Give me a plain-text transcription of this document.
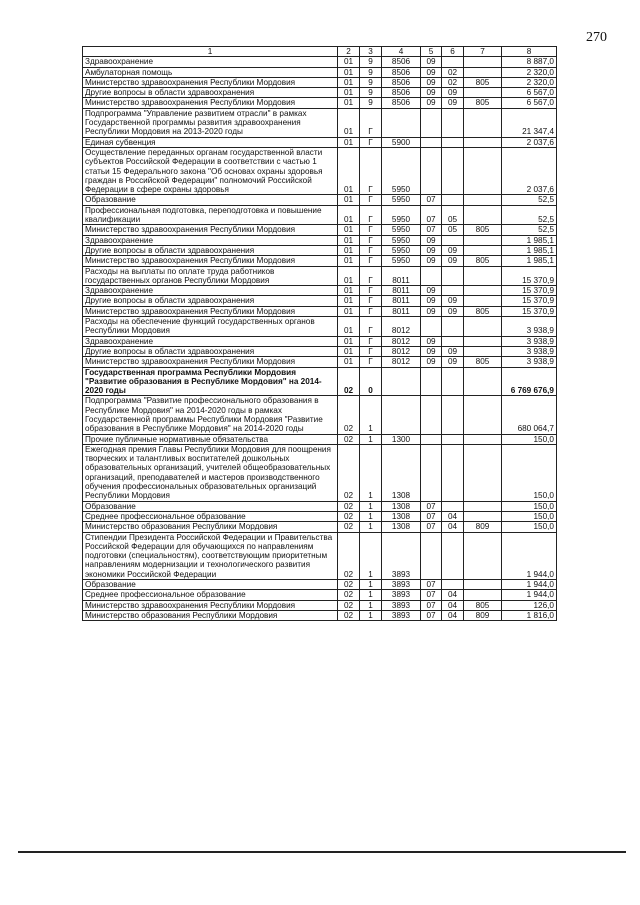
270
1	2	3	4	5	6	7	8
Здравоохранение	01	9	8506	09			8 887,0
Амбулаторная помощь	01	9	8506	09	02		2 320,0
Министерство здравоохранения Республики Мордовия	01	9	8506	09	02	805	2 320,0
Другие вопросы в области здравоохранения	01	9	8506	09	09		6 567,0
Министерство здравоохранения Республики Мордовия	01	9	8506	09	09	805	6 567,0
Подпрограмма "Управление развитием отрасли" в рамках Государственной программы развития здравоохранения Республики Мордовия на 2013-2020 годы	01	Г					21 347,4
Единая субвенция	01	Г	5900				2 037,6
Осуществление переданных органам государственной власти субъектов Российской Федерации в соответствии с частью 1 статьи 15 Федерального закона "Об основах охраны здоровья граждан в Российской Федерации" полномочий Российской Федерации в сфере охраны здоровья	01	Г	5950				2 037,6
Образование	01	Г	5950	07			52,5
Профессиональная подготовка, переподготовка и повышение квалификации	01	Г	5950	07	05		52,5
Министерство здравоохранения Республики Мордовия	01	Г	5950	07	05	805	52,5
Здравоохранение	01	Г	5950	09			1 985,1
Другие вопросы в области здравоохранения	01	Г	5950	09	09		1 985,1
Министерство здравоохранения Республики Мордовия	01	Г	5950	09	09	805	1 985,1
Расходы на выплаты по оплате труда работников государственных органов Республики Мордовия	01	Г	8011				15 370,9
Здравоохранение	01	Г	8011	09			15 370,9
Другие вопросы в области здравоохранения	01	Г	8011	09	09		15 370,9
Министерство здравоохранения Республики Мордовия	01	Г	8011	09	09	805	15 370,9
Расходы на обеспечение функций государственных органов Республики Мордовия	01	Г	8012				3 938,9
Здравоохранение	01	Г	8012	09			3 938,9
Другие вопросы в области здравоохранения	01	Г	8012	09	09		3 938,9
Министерство здравоохранения Республики Мордовия	01	Г	8012	09	09	805	3 938,9
Государственная программа Республики Мордовия "Развитие образования в Республике Мордовия" на 2014-2020 годы	02	0					6 769 676,9
Подпрограмма "Развитие профессионального образования в Республике Мордовия" на 2014-2020 годы в рамках Государственной программы Республики Мордовия "Развитие образования в Республике Мордовия" на 2014-2020 годы	02	1					680 064,7
Прочие публичные нормативные обязательства	02	1	1300				150,0
Ежегодная премия Главы Республики Мордовия для поощрения творческих и талантливых воспитателей дошкольных образовательных организаций, учителей общеобразовательных организаций, преподавателей и мастеров производственного обучения профессиональных образовательных организаций Республики Мордовия	02	1	1308				150,0
Образование	02	1	1308	07			150,0
Среднее профессиональное образование	02	1	1308	07	04		150,0
Министерство образования Республики Мордовия	02	1	1308	07	04	809	150,0
Стипендии Президента Российской Федерации и Правительства Российской Федерации для обучающихся по направлениям подготовки (специальностям), соответствующим приоритетным направлениям модернизации и технологического развития экономики Российской Федерации	02	1	3893				1 944,0
Образование	02	1	3893	07			1 944,0
Среднее профессиональное образование	02	1	3893	07	04		1 944,0
Министерство здравоохранения Республики Мордовия	02	1	3893	07	04	805	126,0
Министерство образования Республики Мордовия	02	1	3893	07	04	809	1 816,0
